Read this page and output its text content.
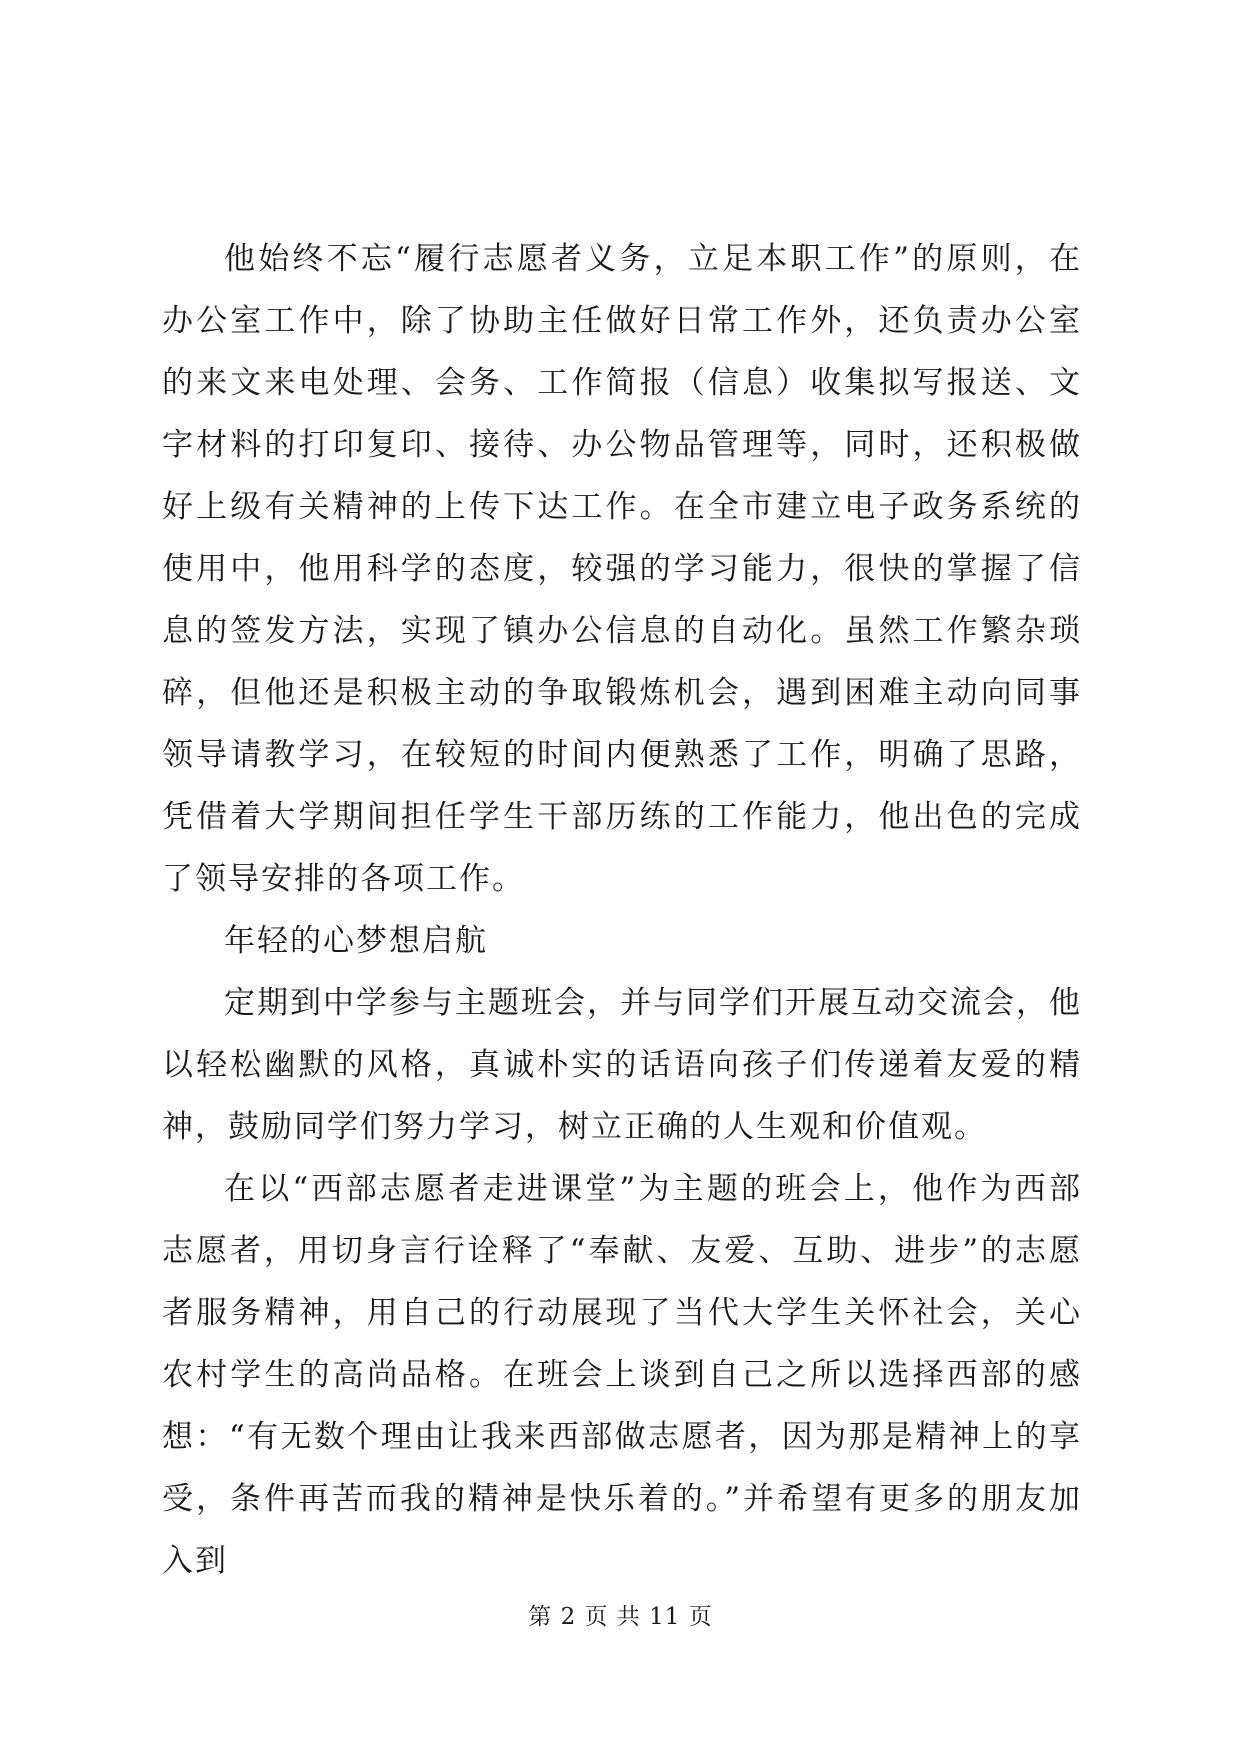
他始终不忘“履行志愿者义务，立足本职工作”的原则，在办公室工作中，除了协助主任做好日常工作外，还负责办公室的来文来电处理、会务、工作简报（信息）收集拟写报送、文字材料的打印复印、接待、办公物品管理等，同时，还积极做好上级有关精神的上传下达工作。在全市建立电子政务系统的使用中，他用科学的态度，较强的学习能力，很快的掌握了信息的签发方法，实现了镇办公信息的自动化。虽然工作繁杂琐碎，但他还是积极主动的争取锻炼机会，遇到困难主动向同事领导请教学习，在较短的时间内便熟悉了工作，明确了思路，凭借着大学期间担任学生干部历练的工作能力，他出色的完成了领导安排的各项工作。

年轻的心梦想启航

定期到中学参与主题班会，并与同学们开展互动交流会，他以轻松幽默的风格，真诚朴实的话语向孩子们传递着友爱的精神，鼓励同学们努力学习，树立正确的人生观和价值观。

在以“西部志愿者走进课堂”为主题的班会上，他作为西部志愿者，用切身言行诠释了“奉献、友爱、互助、进步”的志愿者服务精神，用自己的行动展现了当代大学生关怀社会，关心农村学生的高尚品格。在班会上谈到自己之所以选择西部的感想：“有无数个理由让我来西部做志愿者，因为那是精神上的享受，条件再苦而我的精神是快乐着的。”并希望有更多的朋友加入到

第 2 页 共 11 页
